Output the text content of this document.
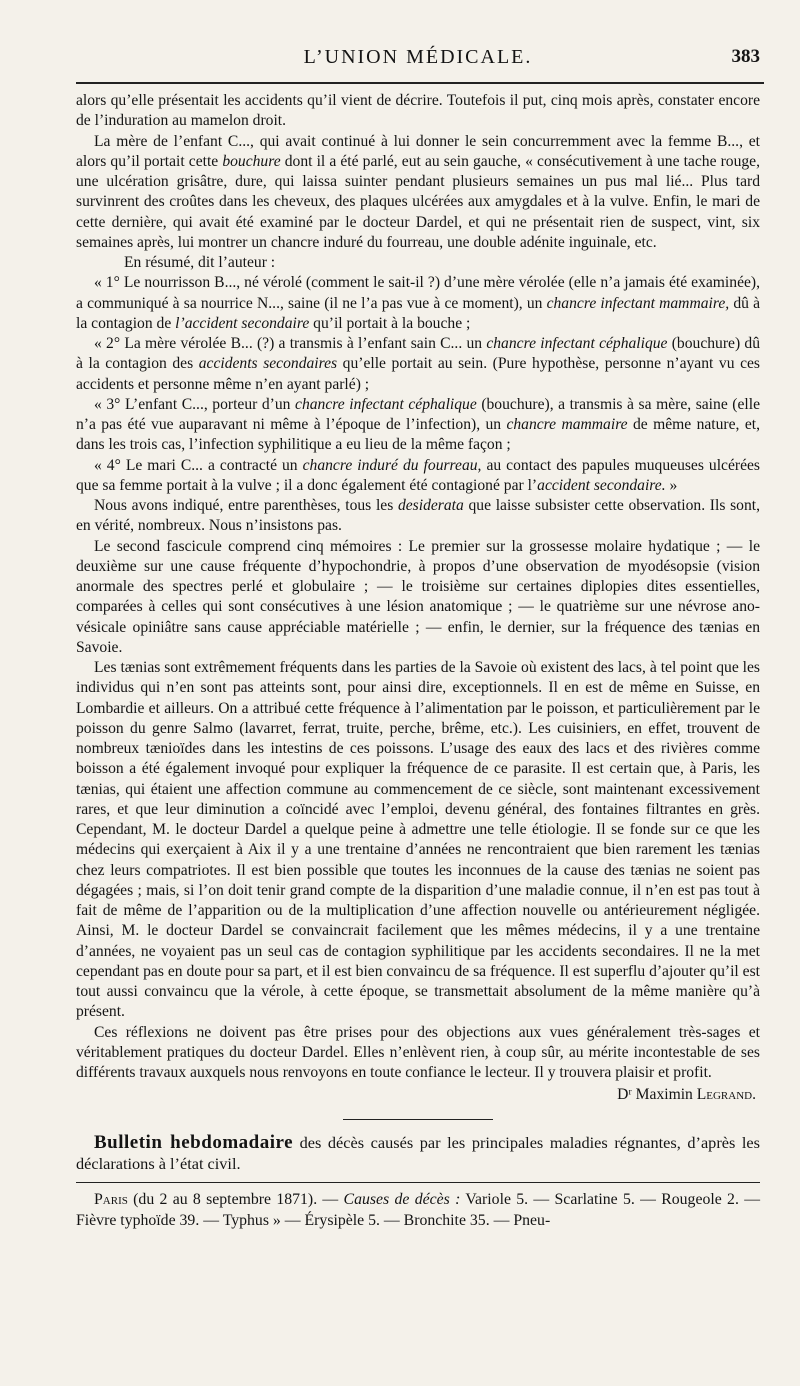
L’UNION MÉDICALE.	383

alors qu’elle présentait les accidents qu’il vient de décrire. Toutefois il put, cinq mois après, constater encore de l’induration au mamelon droit.

La mère de l’enfant C..., qui avait continué à lui donner le sein concurremment avec la femme B..., et alors qu’il portait cette bouchure dont il a été parlé, eut au sein gauche, « consécutivement à une tache rouge, une ulcération grisâtre, dure, qui laissa suinter pendant plusieurs semaines un pus mal lié... Plus tard survinrent des croûtes dans les cheveux, des plaques ulcérées aux amygdales et à la vulve. Enfin, le mari de cette dernière, qui avait été examiné par le docteur Dardel, et qui ne présentait rien de suspect, vint, six semaines après, lui montrer un chancre induré du fourreau, une double adénite inguinale, etc.

En résumé, dit l’auteur :

« 1° Le nourrisson B..., né vérolé (comment le sait-il ?) d’une mère vérolée (elle n’a jamais été examinée), a communiqué à sa nourrice N..., saine (il ne l’a pas vue à ce moment), un chancre infectant mammaire, dû à la contagion de l’accident secondaire qu’il portait à la bouche ;

« 2° La mère vérolée B... (?) a transmis à l’enfant sain C... un chancre infectant céphalique (bouchure) dû à la contagion des accidents secondaires qu’elle portait au sein. (Pure hypothèse, personne n’ayant vu ces accidents et personne même n’en ayant parlé) ;

« 3° L’enfant C..., porteur d’un chancre infectant céphalique (bouchure), a transmis à sa mère, saine (elle n’a pas été vue auparavant ni même à l’époque de l’infection), un chancre mammaire de même nature, et, dans les trois cas, l’infection syphilitique a eu lieu de la même façon ;

« 4° Le mari C... a contracté un chancre induré du fourreau, au contact des papules muqueuses ulcérées que sa femme portait à la vulve ; il a donc également été contagioné par l’accident secondaire. »

Nous avons indiqué, entre parenthèses, tous les desiderata que laisse subsister cette observation. Ils sont, en vérité, nombreux. Nous n’insistons pas.

Le second fascicule comprend cinq mémoires : Le premier sur la grossesse molaire hydatique ; — le deuxième sur une cause fréquente d’hypochondrie, à propos d’une observation de myodésopsie (vision anormale des spectres perlé et globulaire ; — le troisième sur certaines diplopies dites essentielles, comparées à celles qui sont consécutives à une lésion anatomique ; — le quatrième sur une névrose ano-vésicale opiniâtre sans cause appréciable matérielle ; — enfin, le dernier, sur la fréquence des tænias en Savoie.

Les tænias sont extrêmement fréquents dans les parties de la Savoie où existent des lacs, à tel point que les individus qui n’en sont pas atteints sont, pour ainsi dire, exceptionnels. Il en est de même en Suisse, en Lombardie et ailleurs. On a attribué cette fréquence à l’alimentation par le poisson, et particulièrement par le poisson du genre Salmo (lavarret, ferrat, truite, perche, brême, etc.). Les cuisiniers, en effet, trouvent de nombreux tænioïdes dans les intestins de ces poissons. L’usage des eaux des lacs et des rivières comme boisson a été également invoqué pour expliquer la fréquence de ce parasite. Il est certain que, à Paris, les tænias, qui étaient une affection commune au commencement de ce siècle, sont maintenant excessivement rares, et que leur diminution a coïncidé avec l’emploi, devenu général, des fontaines filtrantes en grès. Cependant, M. le docteur Dardel a quelque peine à admettre une telle étiologie. Il se fonde sur ce que les médecins qui exerçaient à Aix il y a une trentaine d’années ne rencontraient que bien rarement les tænias chez leurs compatriotes. Il est bien possible que toutes les inconnues de la cause des tænias ne soient pas dégagées ; mais, si l’on doit tenir grand compte de la disparition d’une maladie connue, il n’en est pas tout à fait de même de l’apparition ou de la multiplication d’une affection nouvelle ou antérieurement négligée. Ainsi, M. le docteur Dardel se convaincrait facilement que les mêmes médecins, il y a une trentaine d’années, ne voyaient pas un seul cas de contagion syphilitique par les accidents secondaires. Il ne la met cependant pas en doute pour sa part, et il est bien convaincu de sa fréquence. Il est superflu d’ajouter qu’il est tout aussi convaincu que la vérole, à cette époque, se transmettait absolument de la même manière qu’à présent.

Ces réflexions ne doivent pas être prises pour des objections aux vues généralement très-sages et véritablement pratiques du docteur Dardel. Elles n’enlèvent rien, à coup sûr, au mérite incontestable de ses différents travaux auxquels nous renvoyons en toute confiance le lecteur. Il y trouvera plaisir et profit.

Dʳ Maximin Legrand.

Bulletin hebdomadaire des décès causés par les principales maladies régnantes, d’après les déclarations à l’état civil.

Paris (du 2 au 8 septembre 1871). — Causes de décès : Variole 5. — Scarlatine 5. — Rougeole 2. — Fièvre typhoïde 39. — Typhus » — Érysipèle 5. — Bronchite 35. — Pneu-
